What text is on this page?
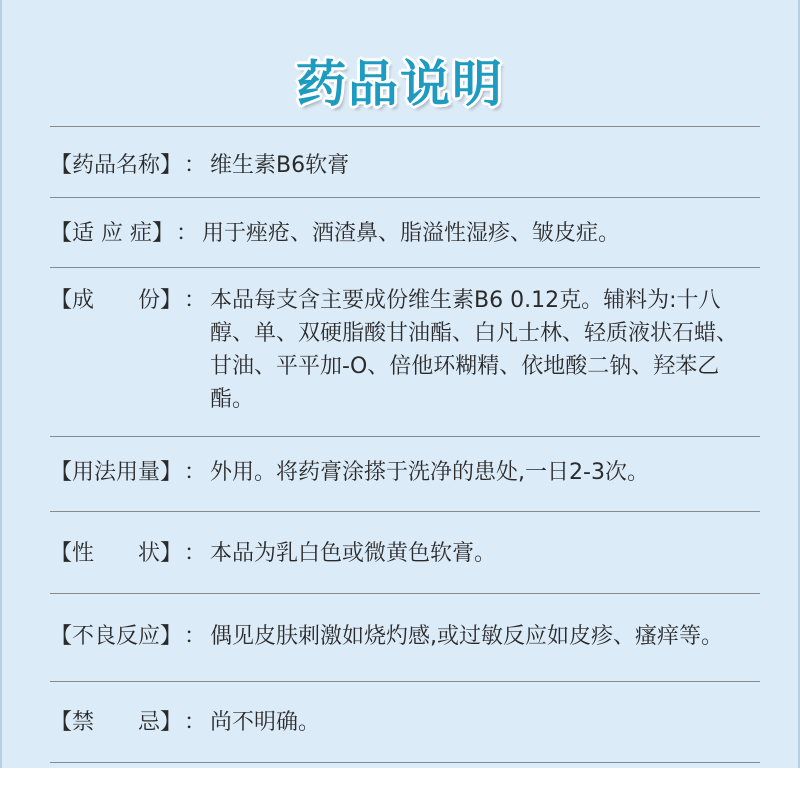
药品说明
【药品名称】： 维生素B6软膏
【适 应 症】： 用于痤疮、酒渣鼻、脂溢性湿疹、皱皮症。
【成　　份】： 本品每支含主要成份维生素B6 0.12克。辅料为:十八醇、单、双硬脂酸甘油酯、白凡士林、轻质液状石蜡、甘油、平平加-O、倍他环糊精、依地酸二钠、羟苯乙酯。
【用法用量】： 外用。将药膏涂搽于洗净的患处,一日2-3次。
【性　　状】： 本品为乳白色或微黄色软膏。
【不良反应】： 偶见皮肤刺激如烧灼感,或过敏反应如皮疹、瘙痒等。
【禁　　忌】： 尚不明确。
